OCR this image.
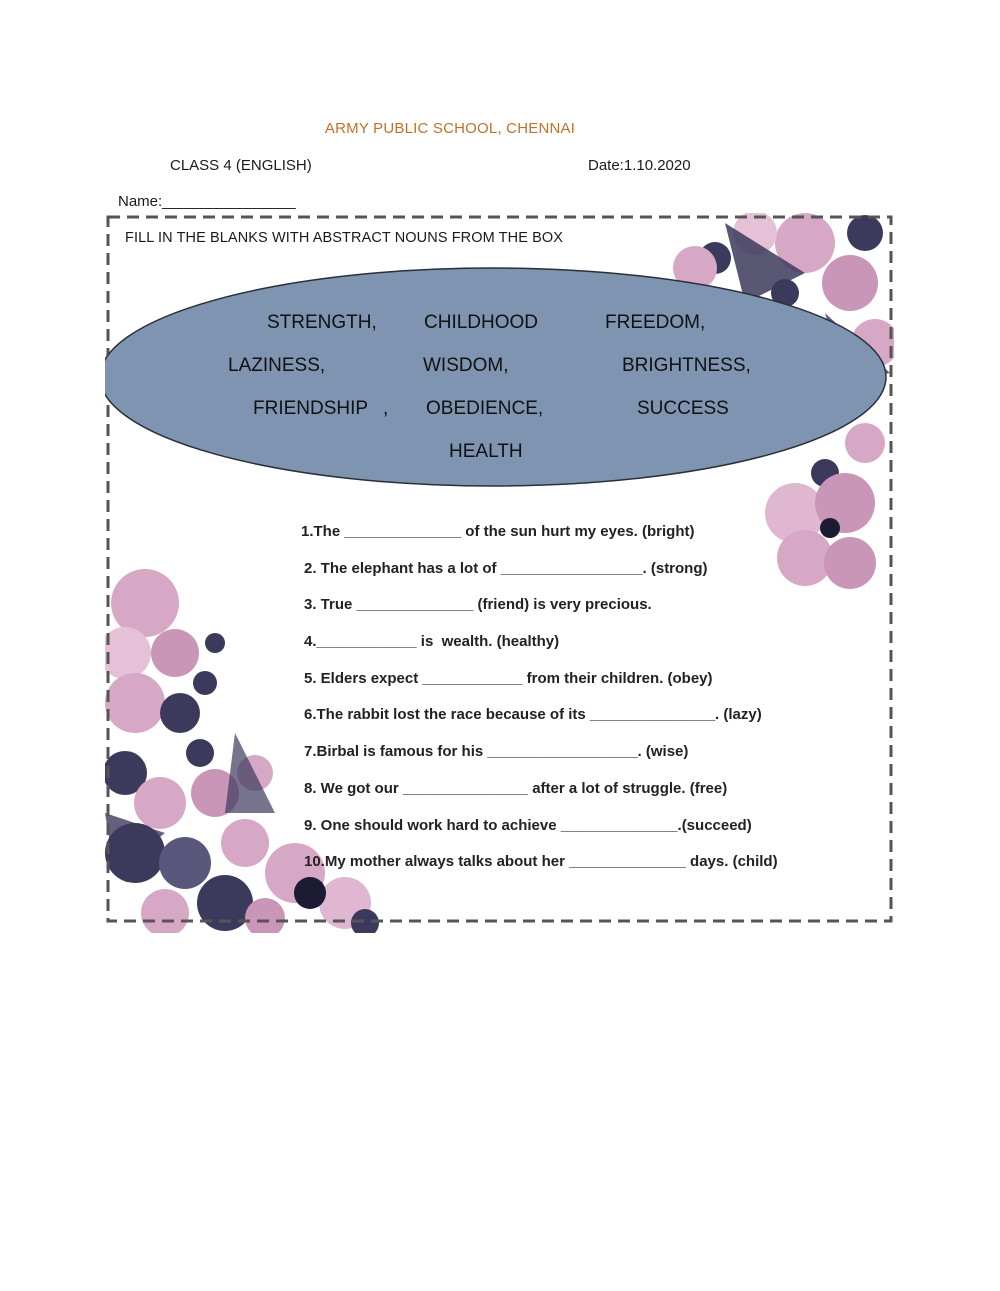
ARMY PUBLIC SCHOOL, CHENNAI
CLASS 4 (ENGLISH)	Date:1.10.2020
Name:________________
FILL IN THE BLANKS WITH ABSTRACT NOUNS FROM THE BOX
STRENGTH, CHILDHOOD	FREEDOM,
LAZINESS,	WISDOM,	BRIGHTNESS,
FRIENDSHIP , OBEDIENCE,	SUCCESS
HEALTH
1.The ______________ of the sun hurt my eyes. (bright)
2. The elephant has a lot of _________________. (strong)
3. True ______________ (friend) is very precious.
4.____________ is  wealth. (healthy)
5. Elders expect ____________ from their children. (obey)
6.The rabbit lost the race because of its _______________. (lazy)
7.Birbal is famous for his __________________. (wise)
8. We got our _______________ after a lot of struggle. (free)
9. One should work hard to achieve ______________.(succeed)
10.My mother always talks about her ______________ days. (child)
